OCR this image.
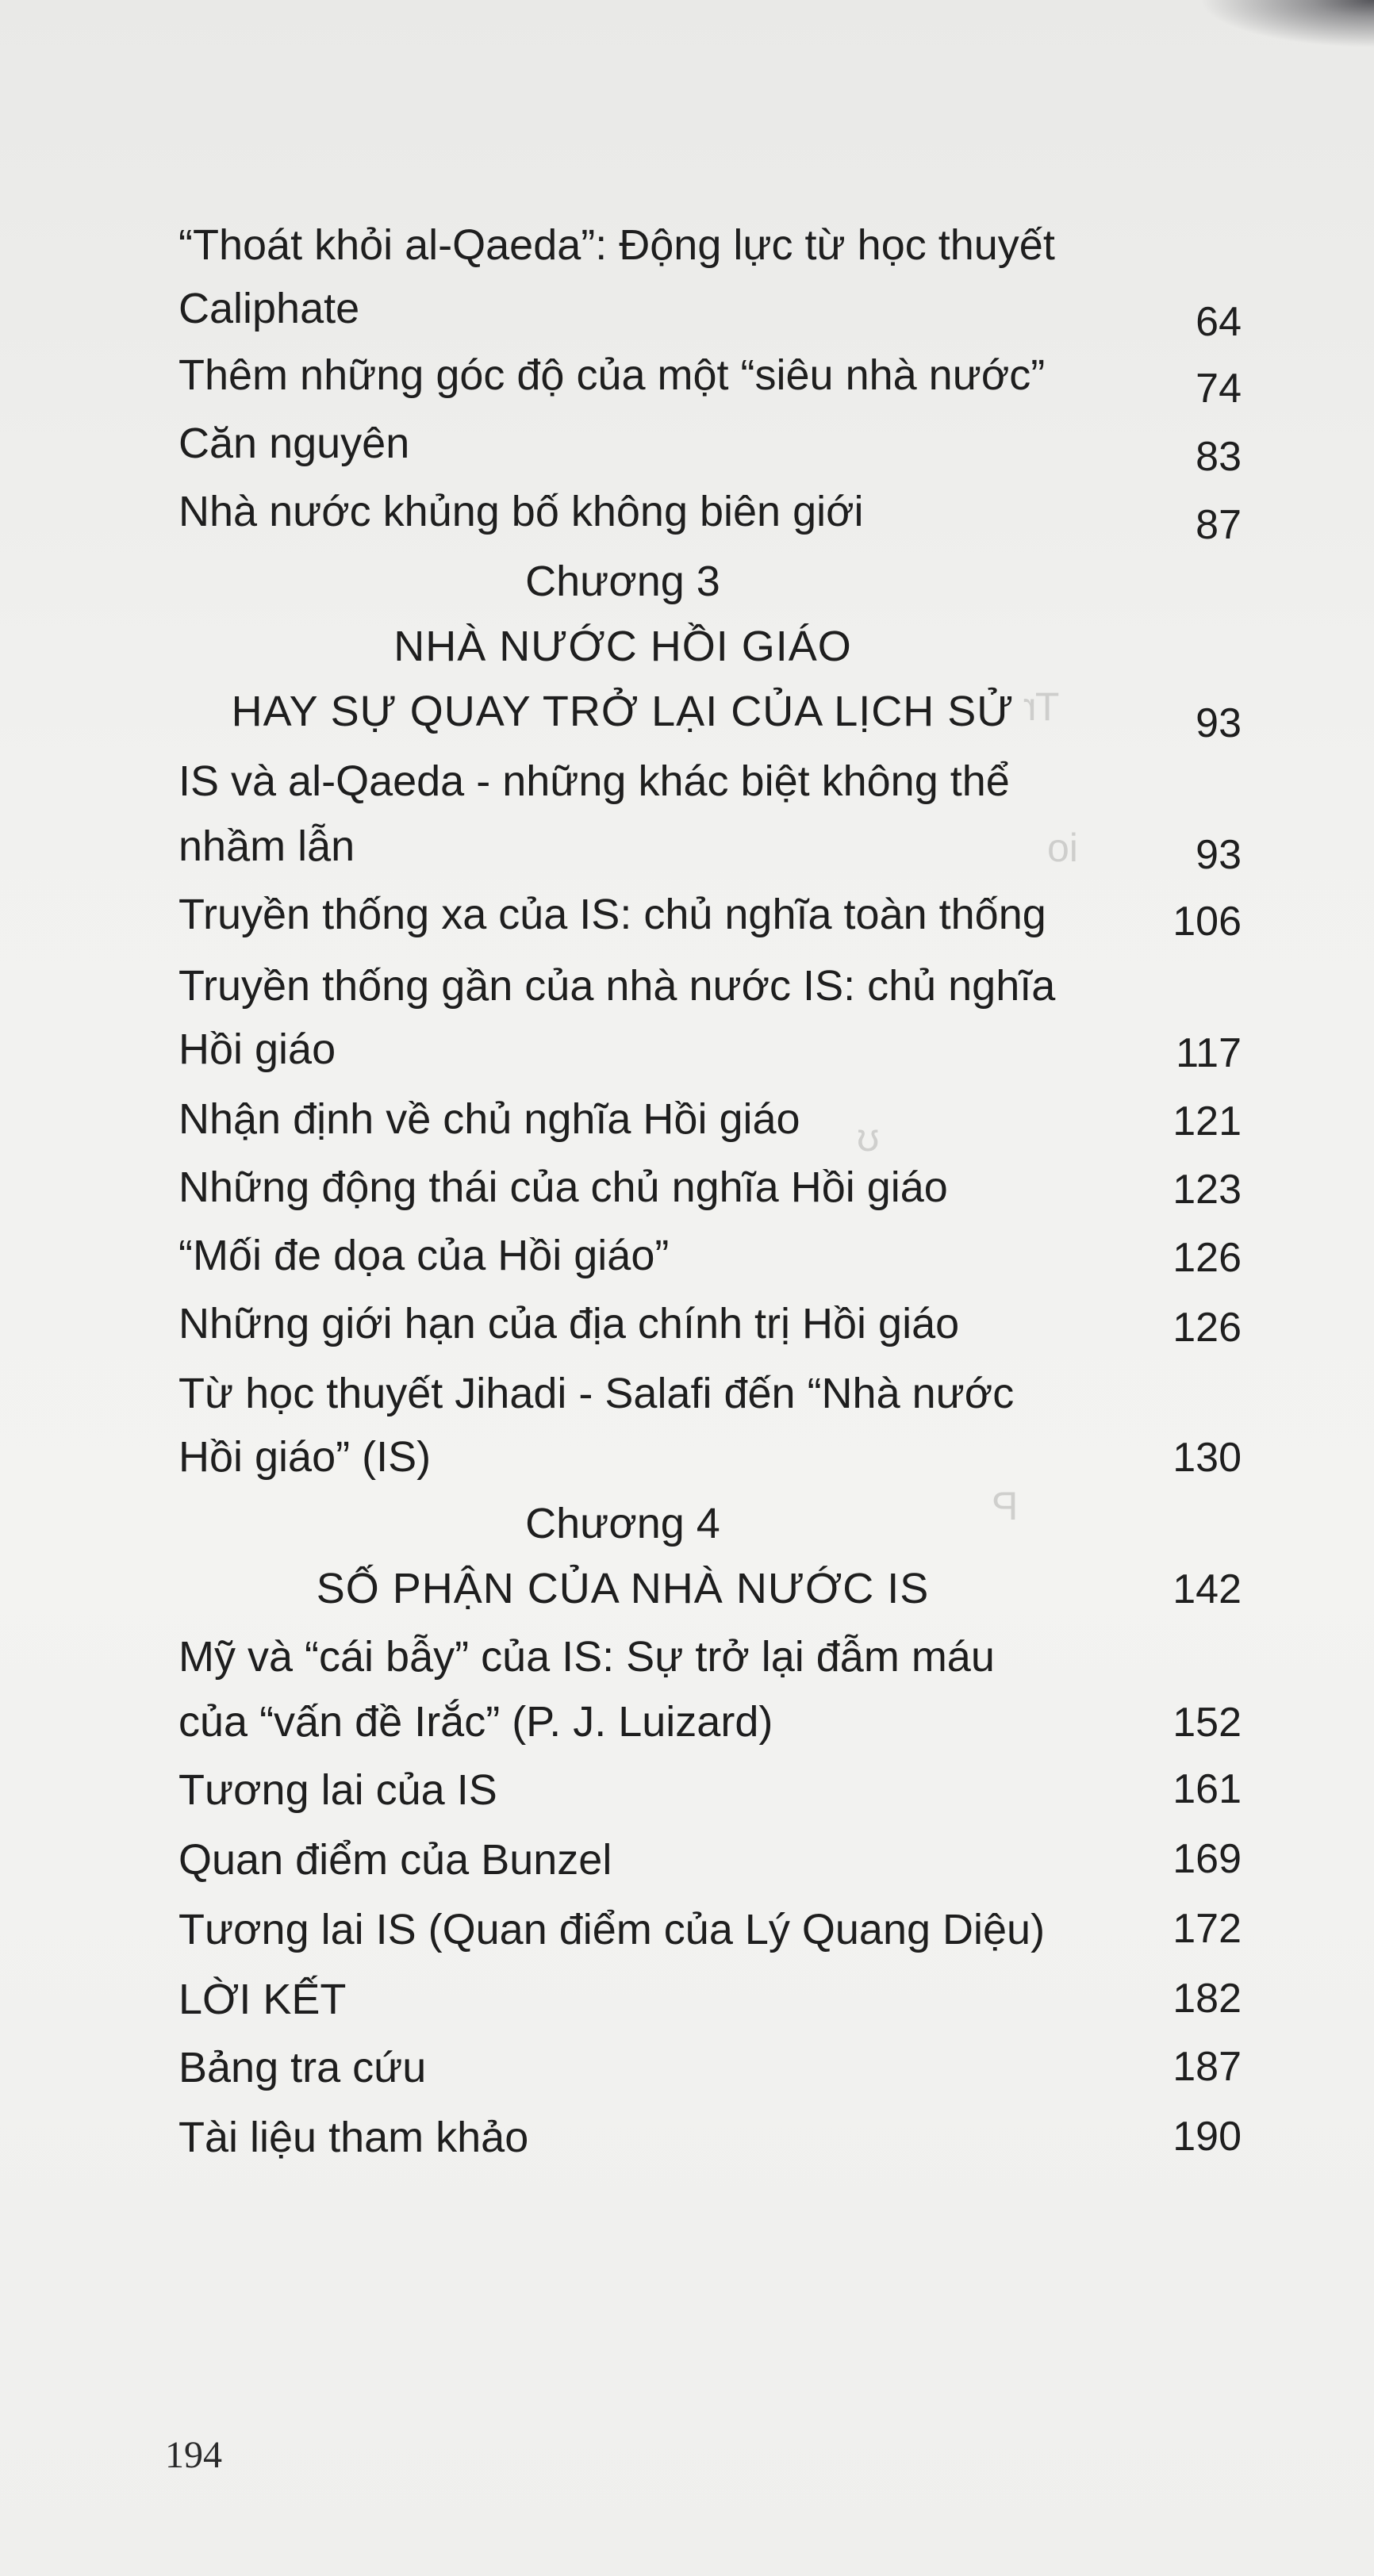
Tr
io
ʊ
P
“Thoát khỏi al-Qaeda”: Động lực từ học thuyết
Caliphate	64
Thêm những góc độ của một “siêu nhà nước”	74
Căn nguyên	83
Nhà nước khủng bố không biên giới	87
Chương 3
NHÀ NƯỚC HỒI GIÁO
HAY SỰ QUAY TRỞ LẠI CỦA LỊCH SỬ	93
IS và al-Qaeda - những khác biệt không thể
nhầm lẫn	93
Truyền thống xa của IS: chủ nghĩa toàn thống	106
Truyền thống gần của nhà nước IS: chủ nghĩa
Hồi giáo	117
Nhận định về chủ nghĩa Hồi giáo	121
Những động thái của chủ nghĩa Hồi giáo	123
“Mối đe dọa của Hồi giáo”	126
Những giới hạn của địa chính trị Hồi giáo	126
Từ học thuyết Jihadi - Salafi đến “Nhà nước
Hồi giáo” (IS)	130
Chương 4
SỐ PHẬN CỦA NHÀ NƯỚC IS	142
Mỹ và “cái bẫy” của IS: Sự trở lại đẫm máu
của “vấn đề Irắc” (P. J. Luizard)	152
Tương lai của IS	161
Quan điểm của Bunzel	169
Tương lai IS (Quan điểm của Lý Quang Diệu)	172
LỜI KẾT	182
Bảng tra cứu	187
Tài liệu tham khảo	190
194
